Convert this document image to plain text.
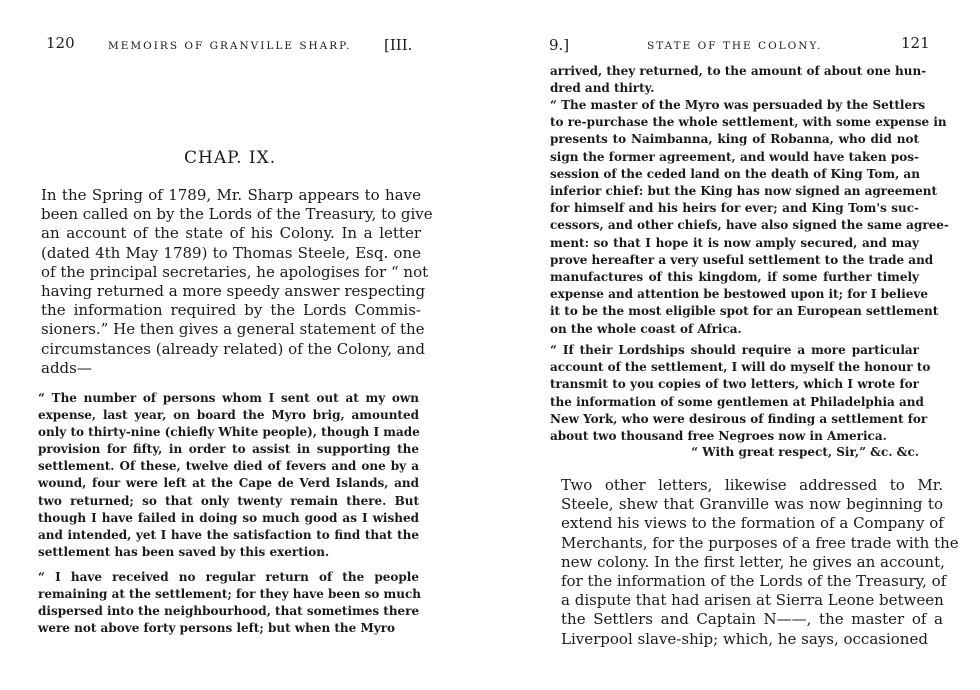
120	MEMOIRS OF GRANVILLE SHARP. [III.
CHAP. IX.
In the Spring of 1789, Mr. Sharp appears to have
been called on by the Lords of the Treasury, to give
an account of the state of his Colony. In a letter
(dated 4th May 1789) to Thomas Steele, Esq. one
of the principal secretaries, he apologises for “ not
having returned a more speedy answer respecting
the information required by the Lords Commis-
sioners.” He then gives a general statement of the
circumstances (already related) of the Colony, and
adds—
“ The number of persons whom I sent out at my own
expense, last year, on board the Myro brig, amounted
only to thirty-nine (chiefly White people), though I made
provision for fifty, in order to assist in supporting the
settlement. Of these, twelve died of fevers and one by a
wound, four were left at the Cape de Verd Islands, and
two returned; so that only twenty remain there. But
though I have failed in doing so much good as I wished
and intended, yet I have the satisfaction to find that the
settlement has been saved by this exertion.
“ I have received no regular return of the people
remaining at the settlement; for they have been so much
dispersed into the neighbourhood, that sometimes there
were not above forty persons left; but when the Myro
9.]	STATE OF THE COLONY.	121
arrived, they returned, to the amount of about one hun-
dred and thirty.
“ The master of the Myro was persuaded by the Settlers
to re-purchase the whole settlement, with some expense in
presents to Naimbanna, king of Robanna, who did not
sign the former agreement, and would have taken pos-
session of the ceded land on the death of King Tom, an
inferior chief: but the King has now signed an agreement
for himself and his heirs for ever; and King Tom's suc-
cessors, and other chiefs, have also signed the same agree-
ment: so that I hope it is now amply secured, and may
prove hereafter a very useful settlement to the trade and
manufactures of this kingdom, if some further timely
expense and attention be bestowed upon it; for I believe
it to be the most eligible spot for an European settlement
on the whole coast of Africa.
“ If their Lordships should require a more particular
account of the settlement, I will do myself the honour to
transmit to you copies of two letters, which I wrote for
the information of some gentlemen at Philadelphia and
New York, who were desirous of finding a settlement for
about two thousand free Negroes now in America.
“ With great respect, Sir,” &c. &c.
Two other letters, likewise addressed to Mr.
Steele, shew that Granville was now beginning to
extend his views to the formation of a Company of
Merchants, for the purposes of a free trade with the
new colony. In the first letter, he gives an account,
for the information of the Lords of the Treasury, of
a dispute that had arisen at Sierra Leone between
the Settlers and Captain N——, the master of a
Liverpool slave-ship; which, he says, occasioned
